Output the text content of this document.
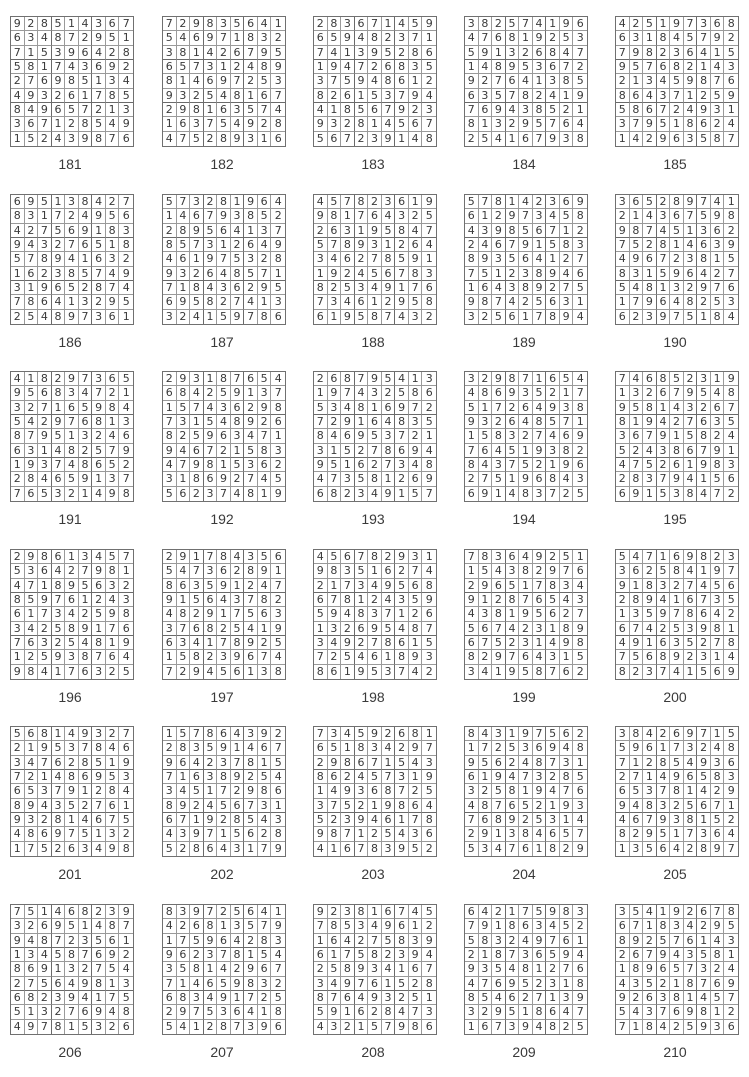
9 2 8 5 1 4 3 6 7
6 3 4 8 7 2 9 5 1
7 1 5 3 9 6 4 2 8
5 8 1 7 4 3 6 9 2
2 7 6 9 8 5 1 3 4
4 9 3 2 6 1 7 8 5
8 4 9 6 5 7 2 1 3
3 6 7 1 2 8 5 4 9
1 5 2 4 3 9 8 7 6
181
7 2 9 8 3 5 6 4 1
5 4 6 9 7 1 8 3 2
3 8 1 4 2 6 7 9 5
6 5 7 3 1 2 4 8 9
8 1 4 6 9 7 2 5 3
9 3 2 5 4 8 1 6 7
2 9 8 1 6 3 5 7 4
1 6 3 7 5 4 9 2 8
4 7 5 2 8 9 3 1 6
182
2 8 3 6 7 1 4 5 9
6 5 9 4 8 2 3 7 1
7 4 1 3 9 5 2 8 6
1 9 4 7 2 6 8 3 5
3 7 5 9 4 8 6 1 2
8 2 6 1 5 3 7 9 4
4 1 8 5 6 7 9 2 3
9 3 2 8 1 4 5 6 7
5 6 7 2 3 9 1 4 8
183
3 8 2 5 7 4 1 9 6
4 7 6 8 1 9 2 5 3
5 9 1 3 2 6 8 4 7
1 4 8 9 5 3 6 7 2
9 2 7 6 4 1 3 8 5
6 3 5 7 8 2 4 1 9
7 6 9 4 3 8 5 2 1
8 1 3 2 9 5 7 6 4
2 5 4 1 6 7 9 3 8
184
4 2 5 1 9 7 3 6 8
6 3 1 8 4 5 7 9 2
7 9 8 2 3 6 4 1 5
9 5 7 6 8 2 1 4 3
2 1 3 4 5 9 8 7 6
8 6 4 3 7 1 2 5 9
5 8 6 7 2 4 9 3 1
3 7 9 5 1 8 6 2 4
1 4 2 9 6 3 5 8 7
185
6 9 5 1 3 8 4 2 7
8 3 1 7 2 4 9 5 6
4 2 7 5 6 9 1 8 3
9 4 3 2 7 6 5 1 8
5 7 8 9 4 1 6 3 2
1 6 2 3 8 5 7 4 9
3 1 9 6 5 2 8 7 4
7 8 6 4 1 3 2 9 5
2 5 4 8 9 7 3 6 1
186
5 7 3 2 8 1 9 6 4
1 4 6 7 9 3 8 5 2
2 8 9 5 6 4 1 3 7
8 5 7 3 1 2 6 4 9
4 6 1 9 7 5 3 2 8
9 3 2 6 4 8 5 7 1
7 1 8 4 3 6 2 9 5
6 9 5 8 2 7 4 1 3
3 2 4 1 5 9 7 8 6
187
4 5 7 8 2 3 6 1 9
9 8 1 7 6 4 3 2 5
2 6 3 1 9 5 8 4 7
5 7 8 9 3 1 2 6 4
3 4 6 2 7 8 5 9 1
1 9 2 4 5 6 7 8 3
8 2 5 3 4 9 1 7 6
7 3 4 6 1 2 9 5 8
6 1 9 5 8 7 4 3 2
188
5 7 8 1 4 2 3 6 9
6 1 2 9 7 3 4 5 8
4 3 9 8 5 6 7 1 2
2 4 6 7 9 1 5 8 3
8 9 3 5 6 4 1 2 7
7 5 1 2 3 8 9 4 6
1 6 4 3 8 9 2 7 5
9 8 7 4 2 5 6 3 1
3 2 5 6 1 7 8 9 4
189
3 6 5 2 8 9 7 4 1
2 1 4 3 6 7 5 9 8
9 8 7 4 5 1 3 6 2
7 5 2 8 1 4 6 3 9
4 9 6 7 2 3 8 1 5
8 3 1 5 9 6 4 2 7
5 4 8 1 3 2 9 7 6
1 7 9 6 4 8 2 5 3
6 2 3 9 7 5 1 8 4
190
4 1 8 2 9 7 3 6 5
9 5 6 8 3 4 7 2 1
3 2 7 1 6 5 9 8 4
5 4 2 9 7 6 8 1 3
8 7 9 5 1 3 2 4 6
6 3 1 4 8 2 5 7 9
1 9 3 7 4 8 6 5 2
2 8 4 6 5 9 1 3 7
7 6 5 3 2 1 4 9 8
191
2 9 3 1 8 7 6 5 4
6 8 4 2 5 9 1 3 7
1 5 7 4 3 6 2 9 8
7 3 1 5 4 8 9 2 6
8 2 5 9 6 3 4 7 1
9 4 6 7 2 1 5 8 3
4 7 9 8 1 5 3 6 2
3 1 8 6 9 2 7 4 5
5 6 2 3 7 4 8 1 9
192
2 6 8 7 9 5 4 1 3
1 9 7 4 3 2 5 8 6
5 3 4 8 1 6 9 7 2
7 2 9 1 6 4 8 3 5
8 4 6 9 5 3 7 2 1
3 1 5 2 7 8 6 9 4
9 5 1 6 2 7 3 4 8
4 7 3 5 8 1 2 6 9
6 8 2 3 4 9 1 5 7
193
3 2 9 8 7 1 6 5 4
4 8 6 9 3 5 2 1 7
5 1 7 2 6 4 9 3 8
9 3 2 6 4 8 5 7 1
1 5 8 3 2 7 4 6 9
7 6 4 5 1 9 3 8 2
8 4 3 7 5 2 1 9 6
2 7 5 1 9 6 8 4 3
6 9 1 4 8 3 7 2 5
194
7 4 6 8 5 2 3 1 9
1 3 2 6 7 9 5 4 8
9 5 8 1 4 3 2 6 7
8 1 9 4 2 7 6 3 5
3 6 7 9 1 5 8 2 4
5 2 4 3 8 6 7 9 1
4 7 5 2 6 1 9 8 3
2 8 3 7 9 4 1 5 6
6 9 1 5 3 8 4 7 2
195
2 9 8 6 1 3 4 5 7
5 3 6 4 2 7 9 8 1
4 7 1 8 9 5 6 3 2
8 5 9 7 6 1 2 4 3
6 1 7 3 4 2 5 9 8
3 4 2 5 8 9 1 7 6
7 6 3 2 5 4 8 1 9
1 2 5 9 3 8 7 6 4
9 8 4 1 7 6 3 2 5
196
2 9 1 7 8 4 3 5 6
5 4 7 3 6 2 8 9 1
8 6 3 5 9 1 2 4 7
9 1 5 6 4 3 7 8 2
4 8 2 9 1 7 5 6 3
3 7 6 8 2 5 4 1 9
6 3 4 1 7 8 9 2 5
1 5 8 2 3 9 6 7 4
7 2 9 4 5 6 1 3 8
197
4 5 6 7 8 2 9 3 1
9 8 3 5 1 6 2 7 4
2 1 7 3 4 9 5 6 8
6 7 8 1 2 4 3 5 9
5 9 4 8 3 7 1 2 6
1 3 2 6 9 5 4 8 7
3 4 9 2 7 8 6 1 5
7 2 5 4 6 1 8 9 3
8 6 1 9 5 3 7 4 2
198
7 8 3 6 4 9 2 5 1
1 5 4 3 8 2 9 7 6
2 9 6 5 1 7 8 3 4
9 1 2 8 7 6 5 4 3
4 3 8 1 9 5 6 2 7
5 6 7 4 2 3 1 8 9
6 7 5 2 3 1 4 9 8
8 2 9 7 6 4 3 1 5
3 4 1 9 5 8 7 6 2
199
5 4 7 1 6 9 8 2 3
3 6 2 5 8 4 1 9 7
9 1 8 3 2 7 4 5 6
2 8 9 4 1 6 7 3 5
1 3 5 9 7 8 6 4 2
6 7 4 2 5 3 9 8 1
4 9 1 6 3 5 2 7 8
7 5 6 8 9 2 3 1 4
8 2 3 7 4 1 5 6 9
200
5 6 8 1 4 9 3 2 7
2 1 9 5 3 7 8 4 6
3 4 7 6 2 8 5 1 9
7 2 1 4 8 6 9 5 3
6 5 3 7 9 1 2 8 4
8 9 4 3 5 2 7 6 1
9 3 2 8 1 4 6 7 5
4 8 6 9 7 5 1 3 2
1 7 5 2 6 3 4 9 8
201
1 5 7 8 6 4 3 9 2
2 8 3 5 9 1 4 6 7
9 6 4 2 3 7 8 1 5
7 1 6 3 8 9 2 5 4
3 4 5 1 7 2 9 8 6
8 9 2 4 5 6 7 3 1
6 7 1 9 2 8 5 4 3
4 3 9 7 1 5 6 2 8
5 2 8 6 4 3 1 7 9
202
7 3 4 5 9 2 6 8 1
6 5 1 8 3 4 2 9 7
2 9 8 6 7 1 5 4 3
8 6 2 4 5 7 3 1 9
1 4 9 3 6 8 7 2 5
3 7 5 2 1 9 8 6 4
5 2 3 9 4 6 1 7 8
9 8 7 1 2 5 4 3 6
4 1 6 7 8 3 9 5 2
203
8 4 3 1 9 7 5 6 2
1 7 2 5 3 6 9 4 8
9 5 6 2 4 8 7 3 1
6 1 9 4 7 3 2 8 5
3 2 5 8 1 9 4 7 6
4 8 7 6 5 2 1 9 3
7 6 8 9 2 5 3 1 4
2 9 1 3 8 4 6 5 7
5 3 4 7 6 1 8 2 9
204
3 8 4 2 6 9 7 1 5
5 9 6 1 7 3 2 4 8
7 1 2 8 5 4 9 3 6
2 7 1 4 9 6 5 8 3
6 5 3 7 8 1 4 2 9
9 4 8 3 2 5 6 7 1
4 6 7 9 3 8 1 5 2
8 2 9 5 1 7 3 6 4
1 3 5 6 4 2 8 9 7
205
7 5 1 4 6 8 2 3 9
3 2 6 9 5 1 4 8 7
9 4 8 7 2 3 5 6 1
1 3 4 5 8 7 6 9 2
8 6 9 1 3 2 7 5 4
2 7 5 6 4 9 8 1 3
6 8 2 3 9 4 1 7 5
5 1 3 2 7 6 9 4 8
4 9 7 8 1 5 3 2 6
206
8 3 9 7 2 5 6 4 1
4 2 6 8 1 3 5 7 9
1 7 5 9 6 4 2 8 3
9 6 2 3 7 8 1 5 4
3 5 8 1 4 2 9 6 7
7 1 4 6 5 9 8 3 2
6 8 3 4 9 1 7 2 5
2 9 7 5 3 6 4 1 8
5 4 1 2 8 7 3 9 6
207
9 2 3 8 1 6 7 4 5
7 8 5 3 4 9 6 1 2
1 6 4 2 7 5 8 3 9
6 1 7 5 8 2 3 9 4
2 5 8 9 3 4 1 6 7
3 4 9 7 6 1 5 2 8
8 7 6 4 9 3 2 5 1
5 9 1 6 2 8 4 7 3
4 3 2 1 5 7 9 8 6
208
6 4 2 1 7 5 9 8 3
7 9 1 8 6 3 4 5 2
5 8 3 2 4 9 7 6 1
2 1 8 7 3 6 5 9 4
9 3 5 4 8 1 2 7 6
4 7 6 9 5 2 3 1 8
8 5 4 6 2 7 1 3 9
3 2 9 5 1 8 6 4 7
1 6 7 3 9 4 8 2 5
209
3 5 4 1 9 2 6 7 8
6 7 1 8 3 4 2 9 5
8 9 2 5 7 6 1 4 3
2 6 7 9 4 3 5 8 1
1 8 9 6 5 7 3 2 4
4 3 5 2 1 8 7 6 9
9 2 6 3 8 1 4 5 7
5 4 3 7 6 9 8 1 2
7 1 8 4 2 5 9 3 6
210
